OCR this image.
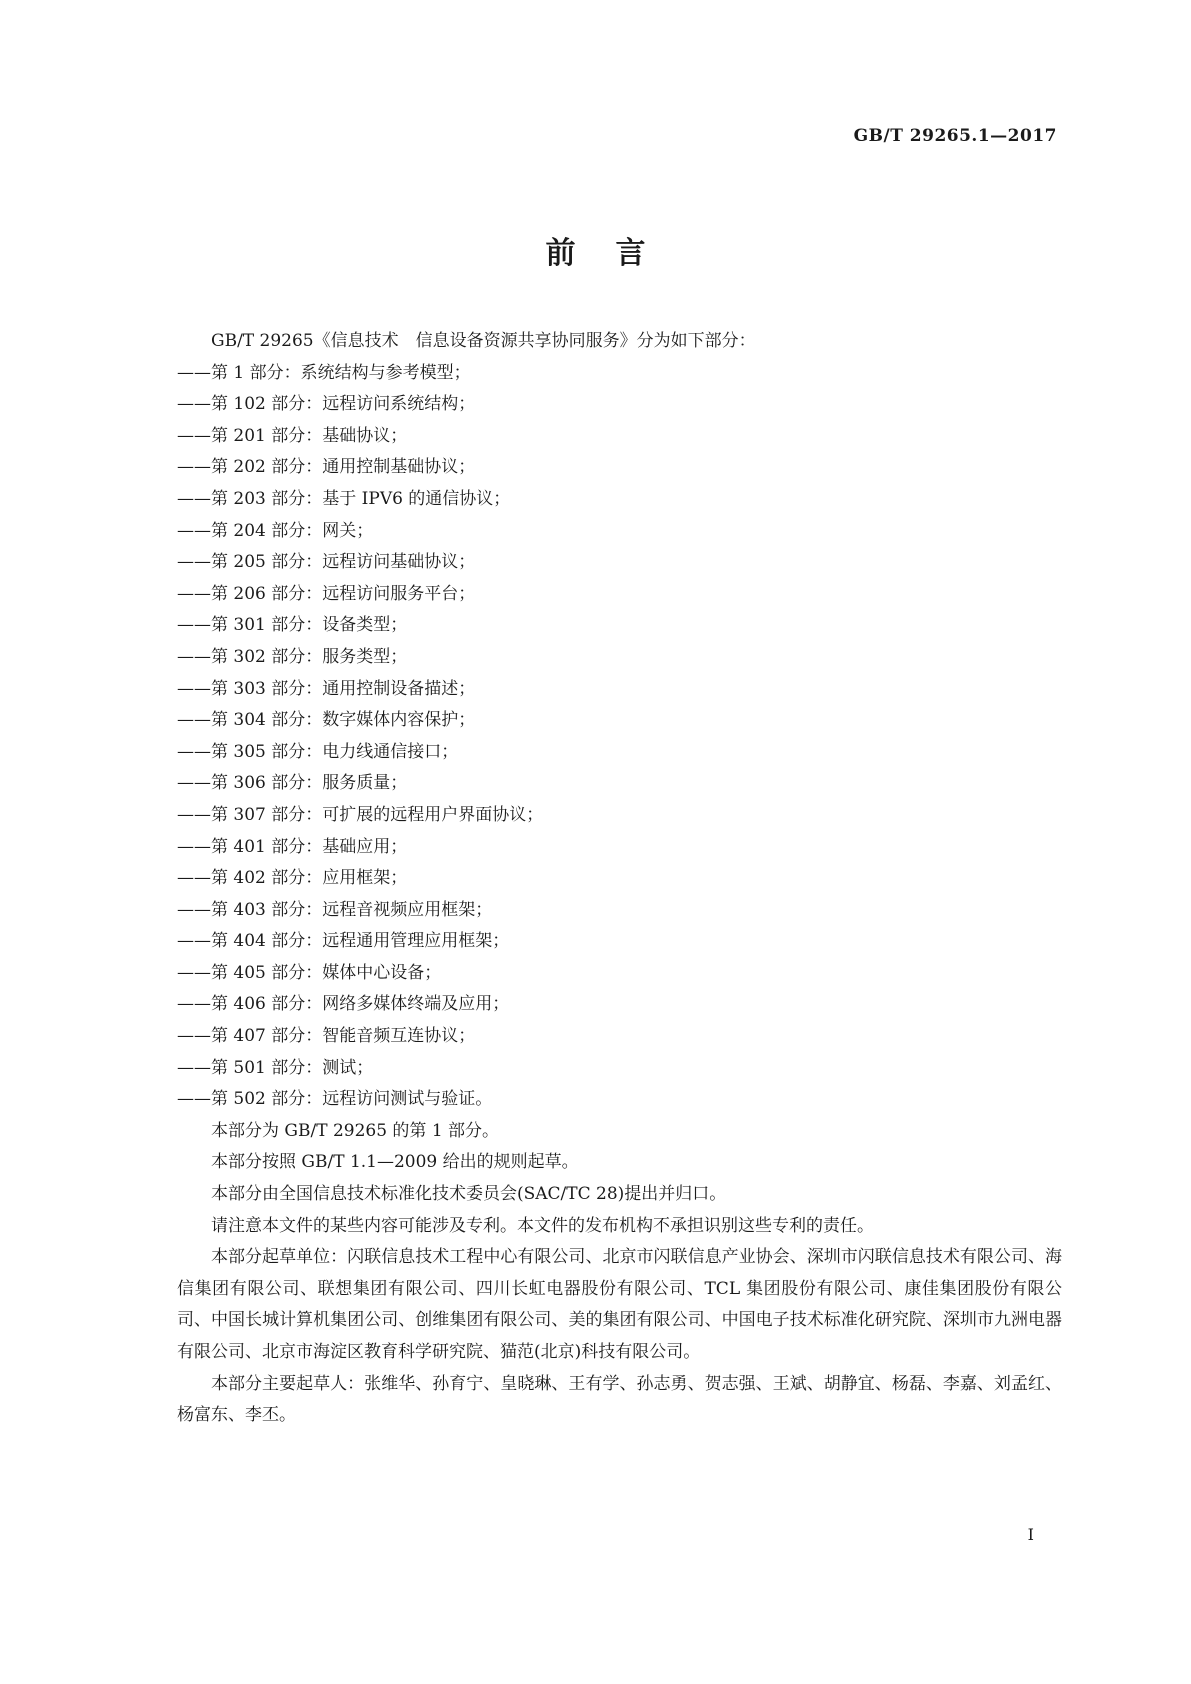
GB/T 29265.1—2017
前言

GB/T 29265《信息技术　信息设备资源共享协同服务》分为如下部分：

——第 1 部分：系统结构与参考模型；

——第 102 部分：远程访问系统结构；

——第 201 部分：基础协议；

——第 202 部分：通用控制基础协议；

——第 203 部分：基于 IPV6 的通信协议；

——第 204 部分：网关；

——第 205 部分：远程访问基础协议；

——第 206 部分：远程访问服务平台；

——第 301 部分：设备类型；

——第 302 部分：服务类型；

——第 303 部分：通用控制设备描述；

——第 304 部分：数字媒体内容保护；

——第 305 部分：电力线通信接口；

——第 306 部分：服务质量；

——第 307 部分：可扩展的远程用户界面协议；

——第 401 部分：基础应用；

——第 402 部分：应用框架；

——第 403 部分：远程音视频应用框架；

——第 404 部分：远程通用管理应用框架；

——第 405 部分：媒体中心设备；

——第 406 部分：网络多媒体终端及应用；

——第 407 部分：智能音频互连协议；

——第 501 部分：测试；

——第 502 部分：远程访问测试与验证。

本部分为 GB/T 29265 的第 1 部分。

本部分按照 GB/T 1.1—2009 给出的规则起草。

本部分由全国信息技术标准化技术委员会(SAC/TC 28)提出并归口。

请注意本文件的某些内容可能涉及专利。本文件的发布机构不承担识别这些专利的责任。

本部分起草单位：闪联信息技术工程中心有限公司、北京市闪联信息产业协会、深圳市闪联信息技术有限公司、海信集团有限公司、联想集团有限公司、四川长虹电器股份有限公司、TCL 集团股份有限公司、康佳集团股份有限公司、中国长城计算机集团公司、创维集团有限公司、美的集团有限公司、中国电子技术标准化研究院、深圳市九洲电器有限公司、北京市海淀区教育科学研究院、猫范(北京)科技有限公司。

本部分主要起草人：张维华、孙育宁、皇晓琳、王有学、孙志勇、贺志强、王斌、胡静宜、杨磊、李嘉、刘孟红、杨富东、李丕。

I
